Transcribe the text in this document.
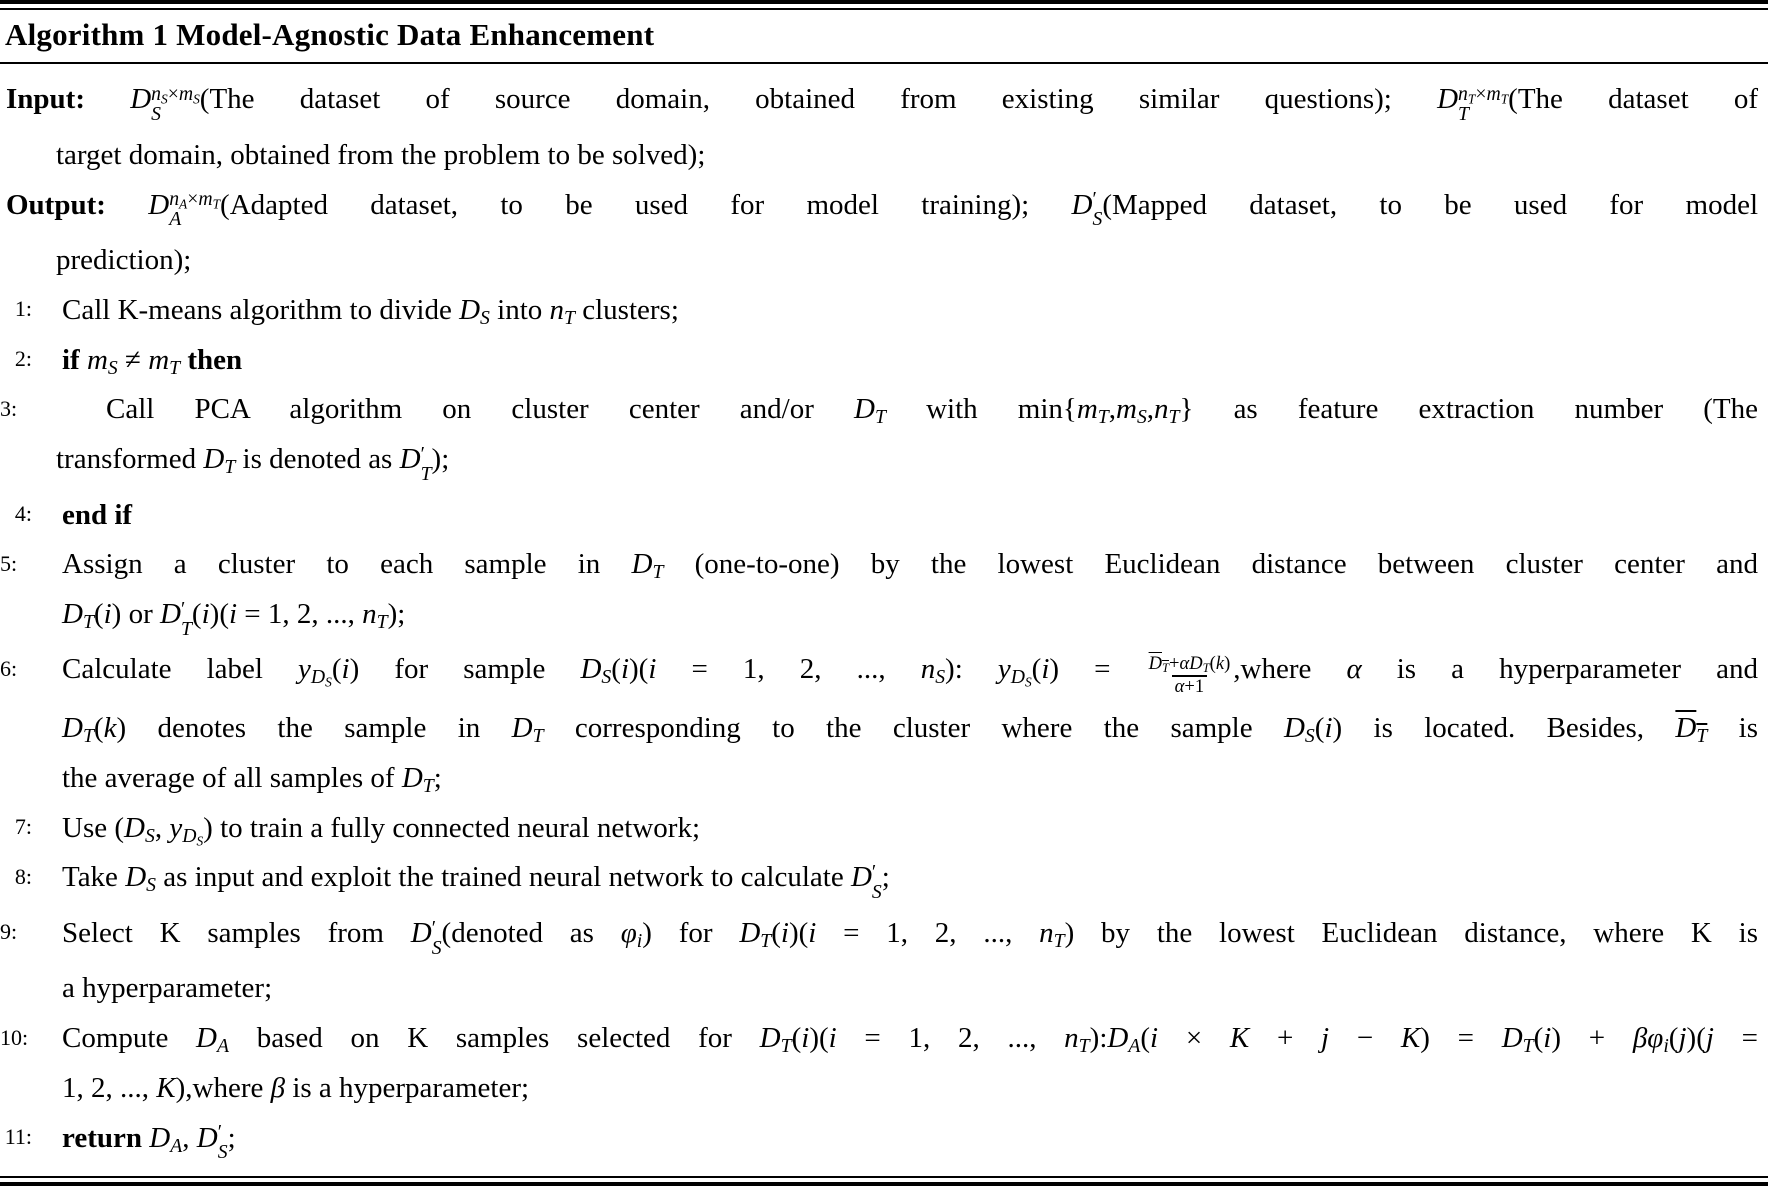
Algorithm 1 Model-Agnostic Data Enhancement
Input: D $n_S\times m_S$
S (The dataset of source domain, obtained from existing similar questions); D $n_T\times m_T$
T (The dataset of
target domain, obtained from the problem to be solved);
Output: D $n_A\times m_T$
A (Adapted dataset, to be used for model training); D ′
S (Mapped dataset, to be used for model
prediction);
1: Call K-means algorithm to divide $D_S$ into $n_T$ clusters;
2: if $m_S \ne m_T$ then
3:	Call PCA algorithm on cluster center and/or $D_T$ with $\min\{m_T,m_S,n_T\}$ as feature extraction number (The
transformed $D_T$ is denoted as D ′
T );
4: end if
5:	Assign a cluster to each sample in $D_T$ (one-to-one) by the lowest Euclidean distance between cluster center and
$D_T(i)$ or D ′
T (i)(i = 1, 2, ..., $n_T$);
6:	Calculate label $y_{D_S}(i)$ for sample $D_S(i)(i = 1$, 2, ..., $n_S$): $y_{D_S}(i) = \frac{D_T+\alpha D_T(k)}{\alpha+1}$ ,where α is a hyperparameter and
$D_T(k)$ denotes the sample in $D_T$ corresponding to the cluster where the sample $D_S(i)$ is located. Besides, $D_T$ is
the average of all samples of $D_T$;
7: Use ($D_S$, $y_{D_S}$) to train a fully connected neural network;
8: Take $D_S$ as input and exploit the trained neural network to calculate D ′
S ;
9:	Select K samples from D ′
S (denoted as $\varphi_i$) for $D_T(i)(i = 1$, 2, ..., $n_T$) by the lowest Euclidean distance, where K is
a hyperparameter;
10: Compute $D_A$ based on K samples selected for $D_T(i)(i = 1$, 2, ..., $n_T):D_A(i \times K + j - K) = D_T(i) + \beta\varphi_i(j)(j$ =
1, 2, ..., K),where β is a hyperparameter;
11: return $D_A$, D ′
S ;
